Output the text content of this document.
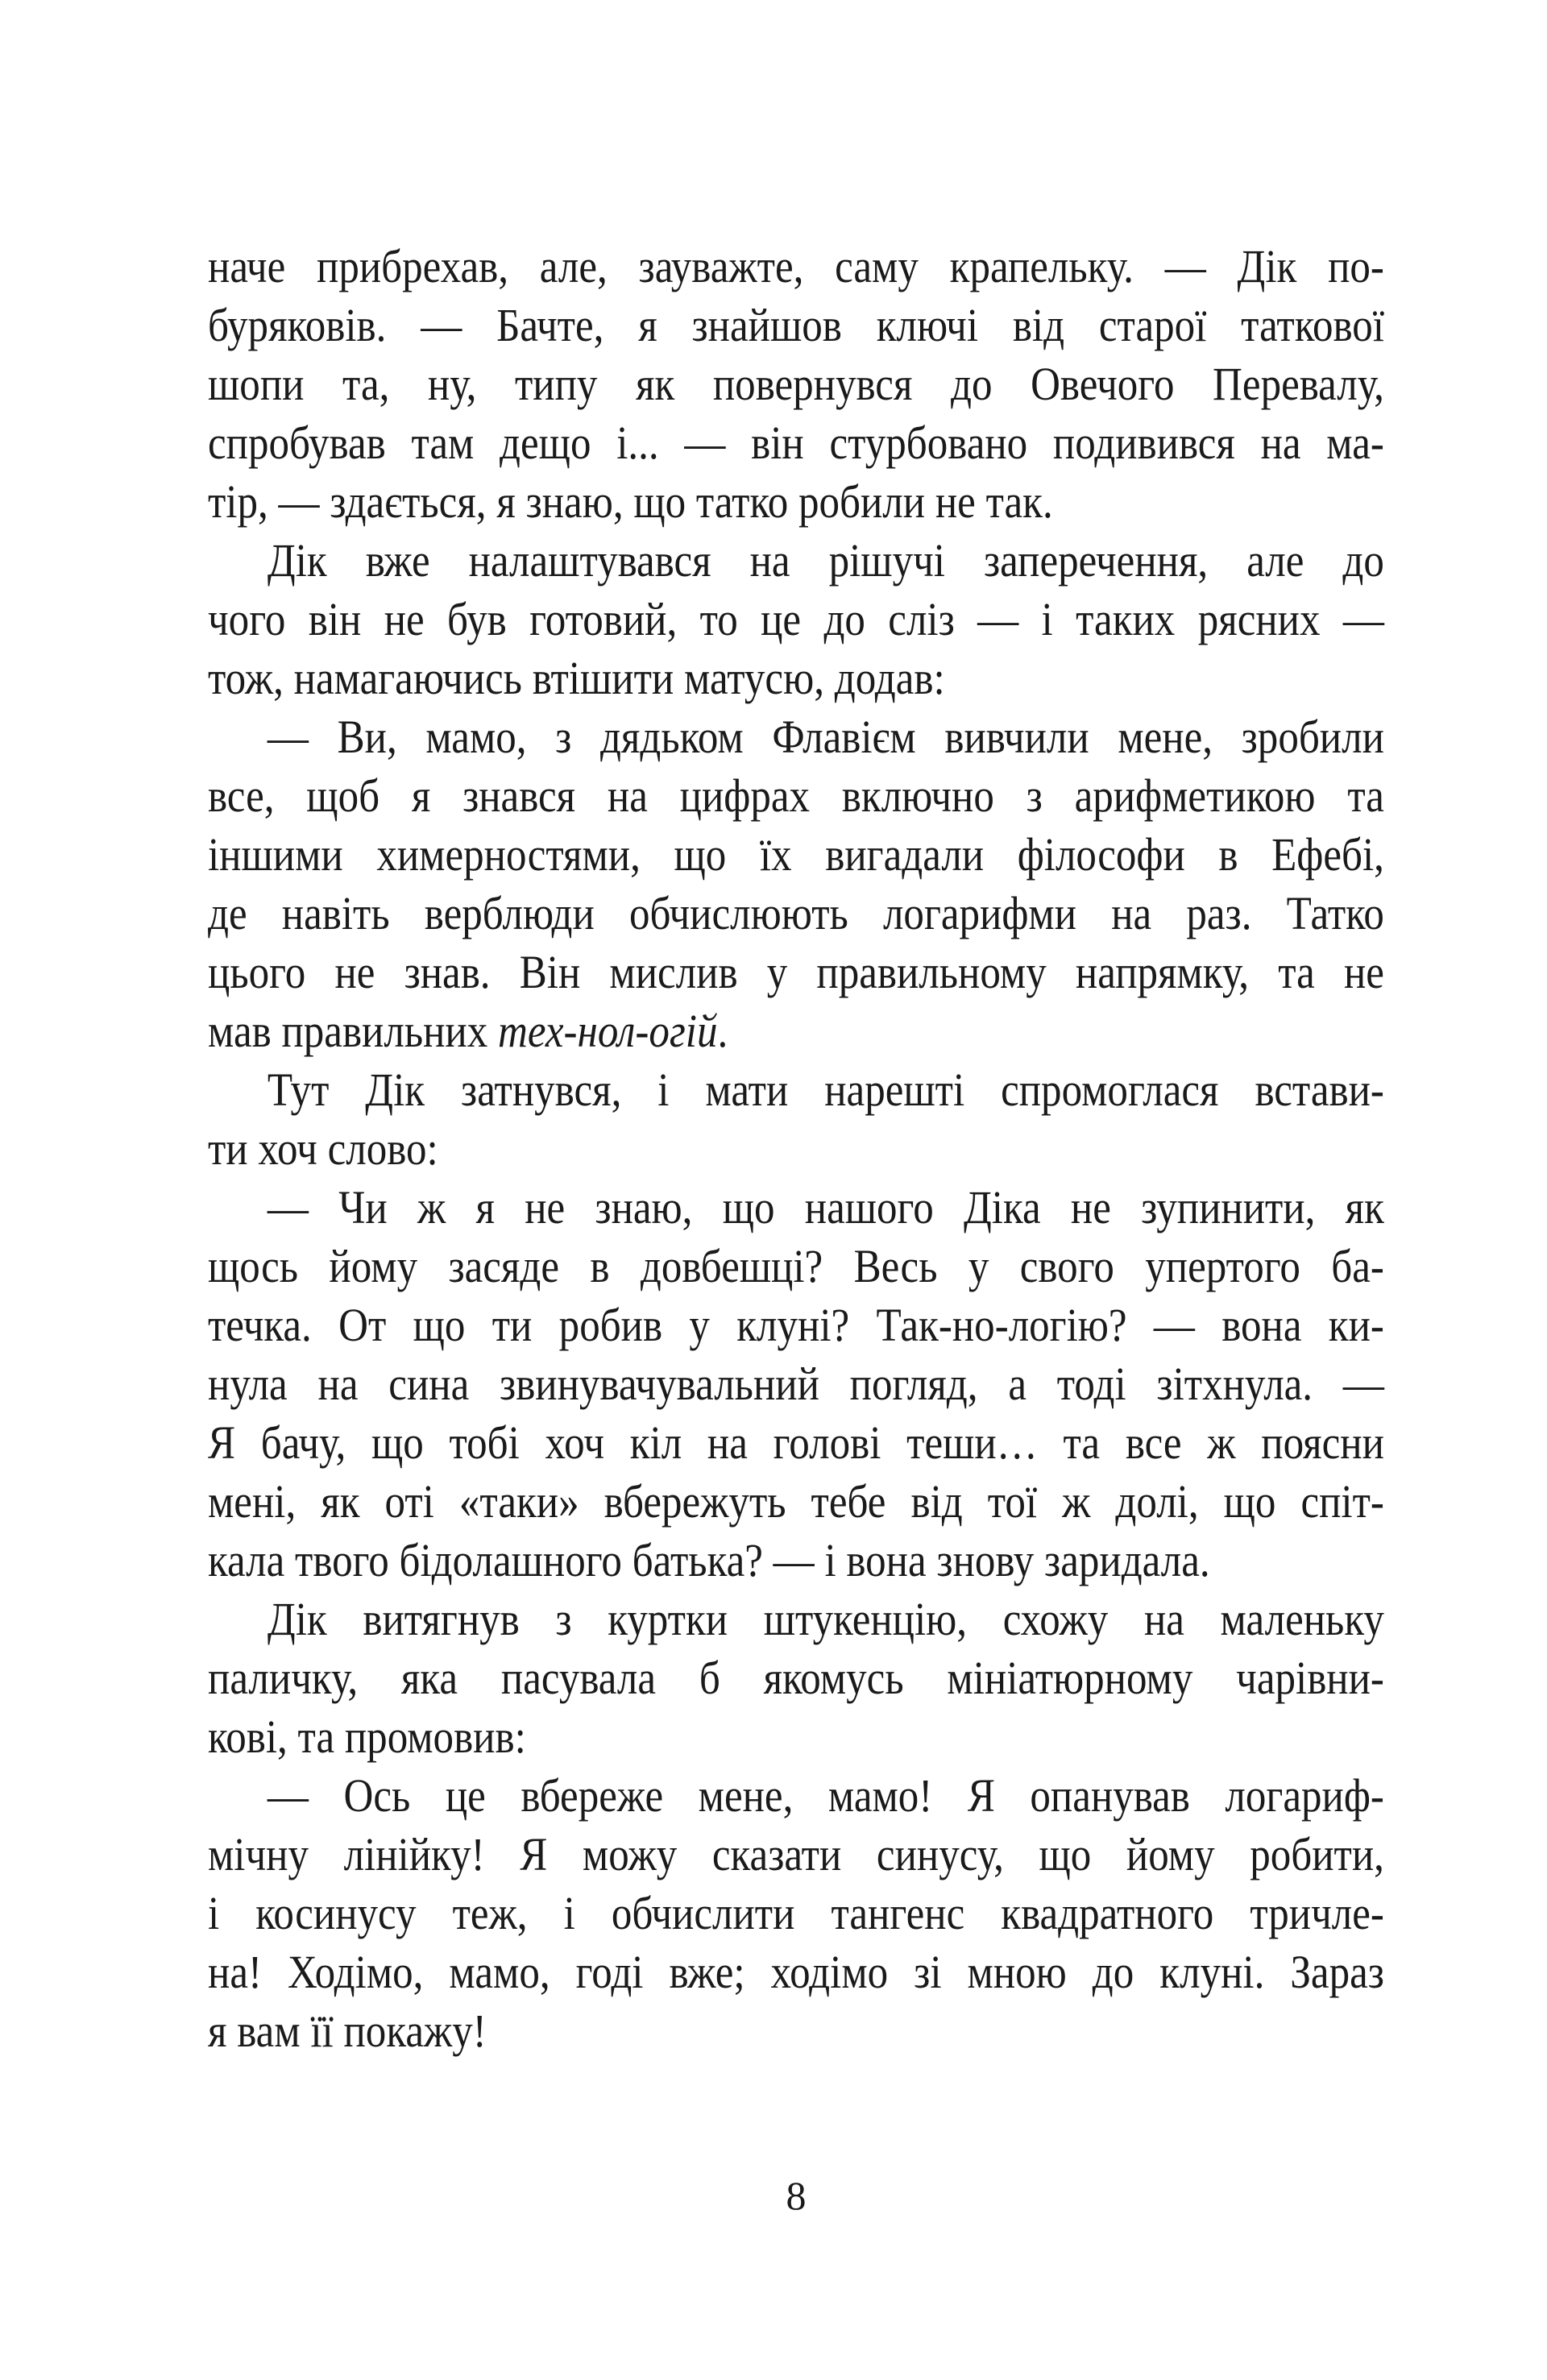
наче прибрехав, але, зауважте, саму крапельку. — Дік по-
буряковів. — Бачте, я знайшов ключі від старої таткової
шопи та, ну, типу як повернувся до Овечого Перевалу,
спробував там дещо і... — він стурбовано подивився на ма-
тір, — здається, я знаю, що татко робили не так.
Дік вже налаштувався на рішучі заперечення, але до
чого він не був готовий, то це до сліз — і таких рясних —
тож, намагаючись втішити матусю, додав:
— Ви, мамо, з дядьком Флавієм вивчили мене, зробили
все, щоб я знався на цифрах включно з арифметикою та
іншими химерностями, що їх вигадали філософи в Ефебі,
де навіть верблюди обчислюють логарифми на раз. Татко
цього не знав. Він мислив у правильному напрямку, та не
мав правильних тех-нол-огій.
Тут Дік затнувся, і мати нарешті спромоглася встави-
ти хоч слово:
— Чи ж я не знаю, що нашого Діка не зупинити, як
щось йому засяде в довбешці? Весь у свого упертого ба-
течка. От що ти робив у клуні? Так-но-логію? — вона ки-
нула на сина звинувачувальний погляд, а тоді зітхнула. —
Я бачу, що тобі хоч кіл на голові теши… та все ж поясни
мені, як оті «таки» вбережуть тебе від тої ж долі, що спіт-
кала твого бідолашного батька? — і вона знову заридала.
Дік витягнув з куртки штукенцію, схожу на маленьку
паличку, яка пасувала б якомусь мініатюрному чарівни-
кові, та промовив:
— Ось це вбереже мене, мамо! Я опанував логариф-
мічну лінійку! Я можу сказати синусу, що йому робити,
і косинусу теж, і обчислити тангенс квадратного тричле-
на! Ходімо, мамо, годі вже; ходімо зі мною до клуні. Зараз
я вам її покажу!
8
